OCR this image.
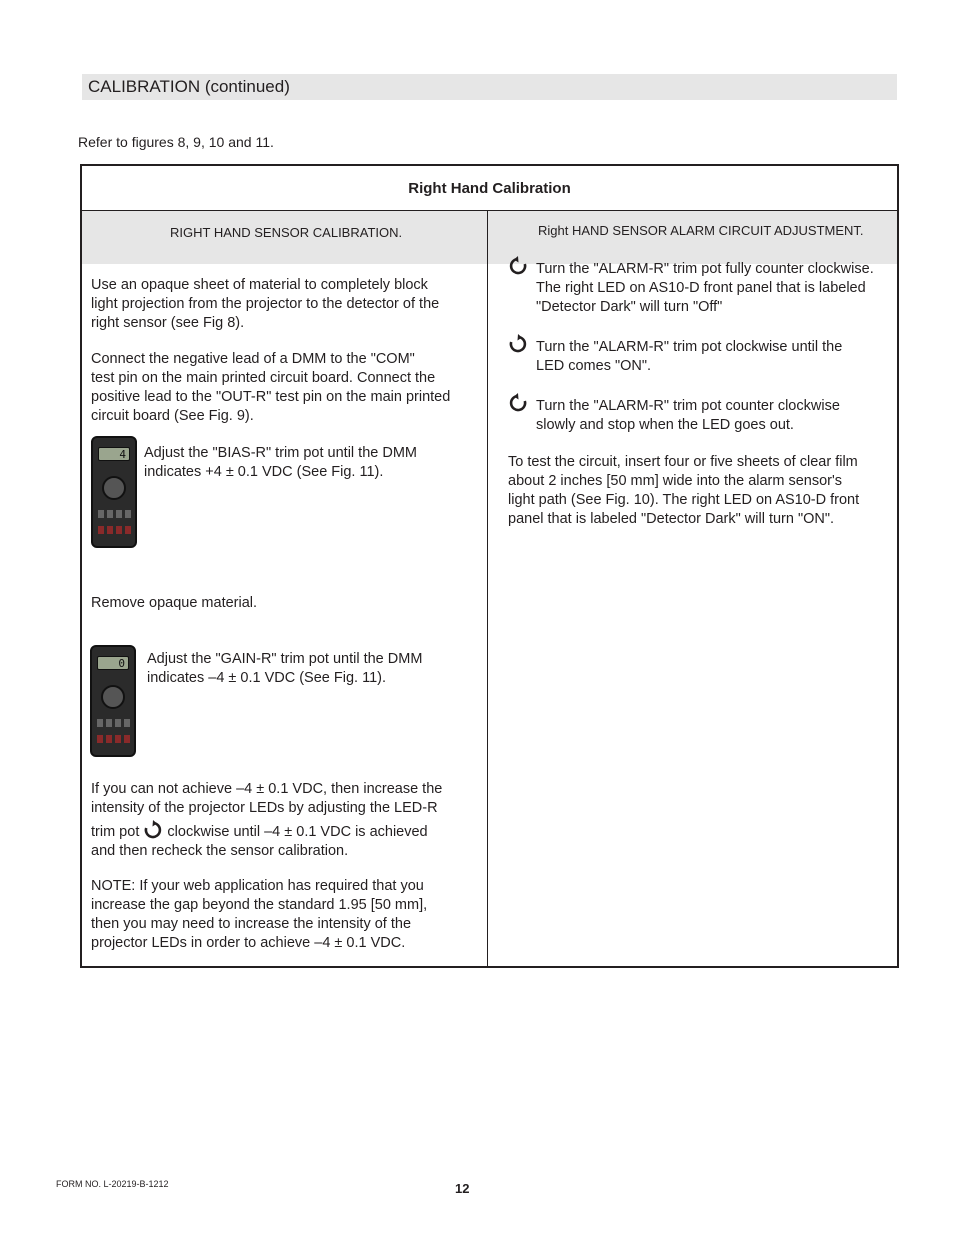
CALIBRATION (continued)
Refer to figures 8, 9, 10 and 11.
Right Hand Calibration
RIGHT HAND SENSOR CALIBRATION.	Right HAND SENSOR ALARM CIRCUIT ADJUSTMENT.
Use an opaque sheet of material to completely block
light projection from the projector to the detector of the
right sensor (see Fig 8).
Connect the negative lead of a DMM to the "COM"
test pin on the main printed circuit board. Connect the
positive lead to the "OUT-R" test pin on the main printed
circuit board (See Fig. 9).
4 Adjust the "BIAS-R" trim pot until the DMM
indicates +4 ± 0.1 VDC (See Fig. 11).
Remove opaque material.
0 Adjust the "GAIN-R" trim pot until the DMM
indicates –4 ± 0.1 VDC (See Fig. 11).
If you can not achieve –4 ± 0.1 VDC, then increase the
intensity of the projector LEDs by adjusting the LED-R
trim pot clockwise until –4 ± 0.1 VDC is achieved
and then recheck the sensor calibration.
NOTE: If your web application has required that you
increase the gap beyond the standard 1.95 [50 mm],
then you may need to increase the intensity of the
projector LEDs in order to achieve –4 ± 0.1 VDC.
Turn the "ALARM-R" trim pot fully counter clockwise.
The right LED on AS10-D front panel that is labeled
"Detector Dark" will turn "Off"
Turn the "ALARM-R" trim pot clockwise until the
LED comes "ON".
Turn the "ALARM-R" trim pot counter clockwise
slowly and stop when the LED goes out.
To test the circuit, insert four or five sheets of clear film
about 2 inches [50 mm] wide into the alarm sensor's
light path (See Fig. 10). The right LED on AS10-D front
panel that is labeled "Detector Dark" will turn "ON".
FORM NO. L-20219-B-1212	12
